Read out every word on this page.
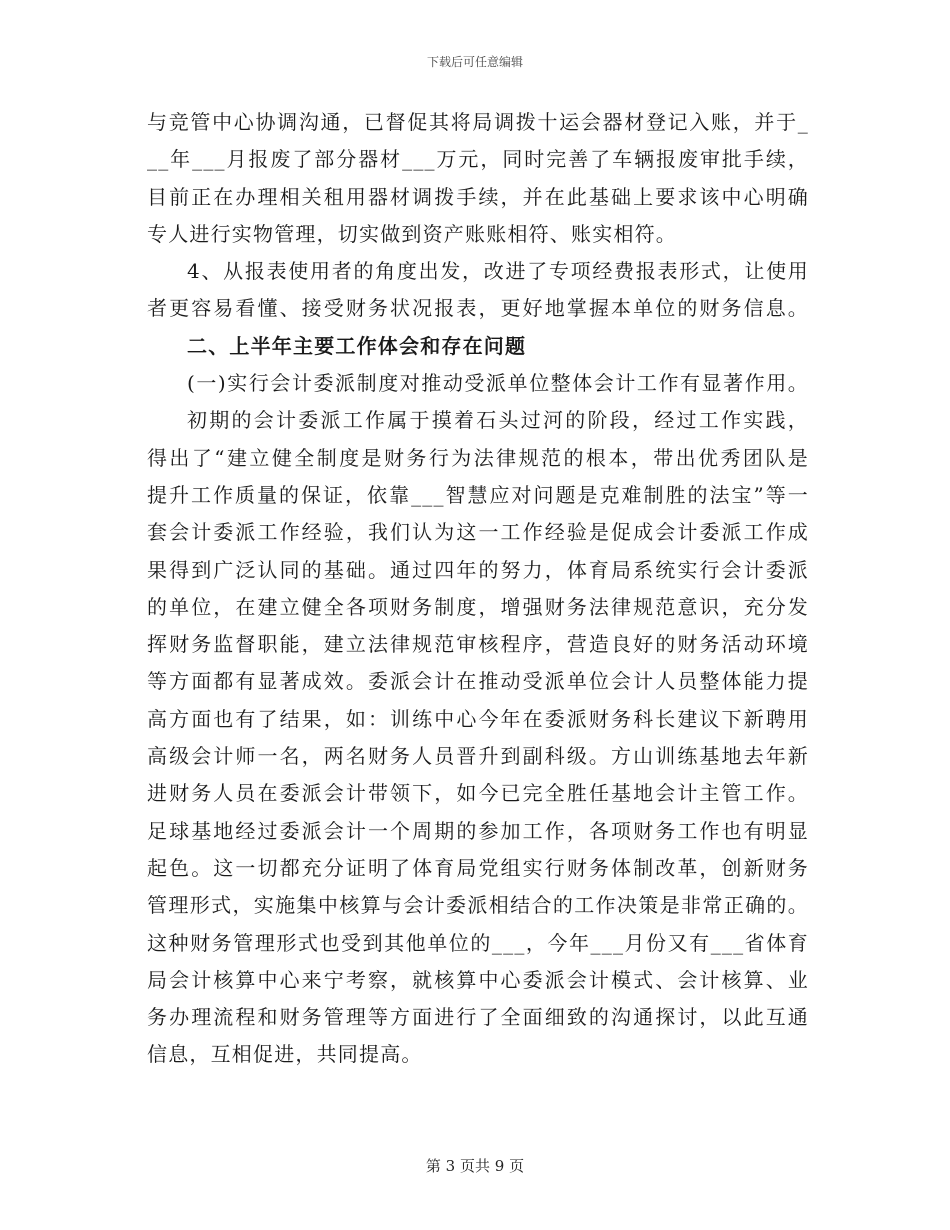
下载后可任意编辑
与竞管中心协调沟通，已督促其将局调拨十运会器材登记入账，并于_
__年___月报废了部分器材___万元，同时完善了车辆报废审批手续，
目前正在办理相关租用器材调拨手续，并在此基础上要求该中心明确
专人进行实物管理，切实做到资产账账相符、账实相符。
4、从报表使用者的角度出发，改进了专项经费报表形式，让使用
者更容易看懂、接受财务状况报表，更好地掌握本单位的财务信息。
二、上半年主要工作体会和存在问题
(一)实行会计委派制度对推动受派单位整体会计工作有显著作用。
初期的会计委派工作属于摸着石头过河的阶段，经过工作实践，
得出了“建立健全制度是财务行为法律规范的根本，带出优秀团队是
提升工作质量的保证，依靠___智慧应对问题是克难制胜的法宝”等一
套会计委派工作经验，我们认为这一工作经验是促成会计委派工作成
果得到广泛认同的基础。通过四年的努力，体育局系统实行会计委派
的单位，在建立健全各项财务制度，增强财务法律规范意识，充分发
挥财务监督职能，建立法律规范审核程序，营造良好的财务活动环境
等方面都有显著成效。委派会计在推动受派单位会计人员整体能力提
高方面也有了结果，如：训练中心今年在委派财务科长建议下新聘用
高级会计师一名，两名财务人员晋升到副科级。方山训练基地去年新
进财务人员在委派会计带领下，如今已完全胜任基地会计主管工作。
足球基地经过委派会计一个周期的参加工作，各项财务工作也有明显
起色。这一切都充分证明了体育局党组实行财务体制改革，创新财务
管理形式，实施集中核算与会计委派相结合的工作决策是非常正确的。
这种财务管理形式也受到其他单位的___，今年___月份又有___省体育
局会计核算中心来宁考察，就核算中心委派会计模式、会计核算、业
务办理流程和财务管理等方面进行了全面细致的沟通探讨，以此互通
信息，互相促进，共同提高。
第 3 页共 9 页
